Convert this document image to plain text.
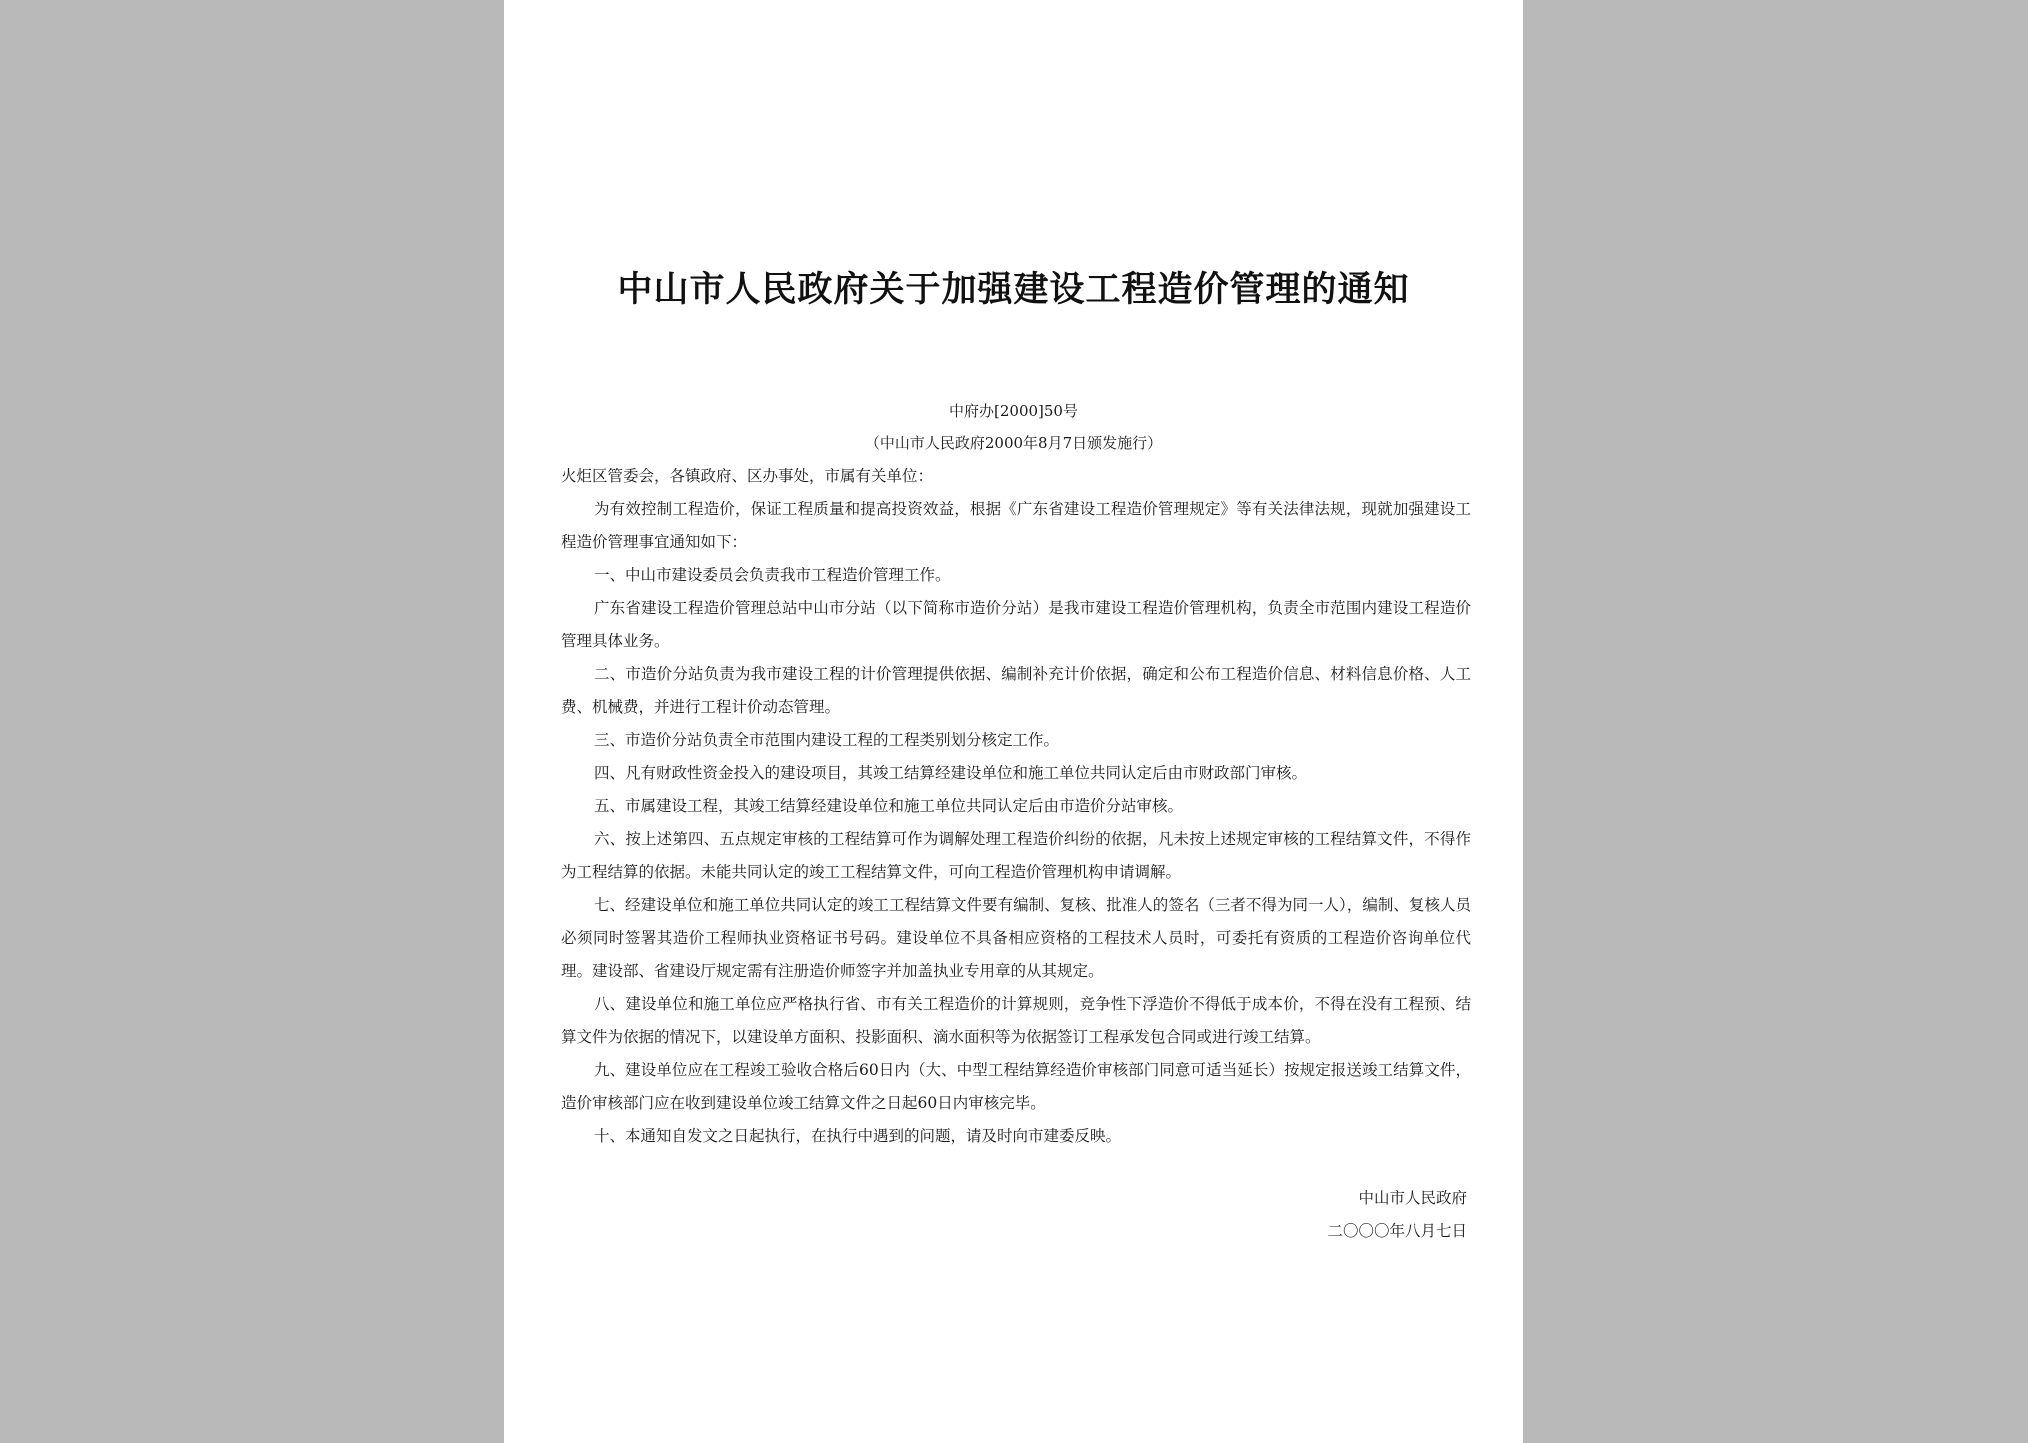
中山市人民政府关于加强建设工程造价管理的通知
中府办[2000]50号
（中山市人民政府2000年8月7日颁发施行）

火炬区管委会，各镇政府、区办事处，市属有关单位：

为有效控制工程造价，保证工程质量和提高投资效益，根据《广东省建设工程造价管理规定》等有关法律法规，现就加强建设工程造价管理事宜通知如下：

一、中山市建设委员会负责我市工程造价管理工作。

广东省建设工程造价管理总站中山市分站（以下简称市造价分站）是我市建设工程造价管理机构，负责全市范围内建设工程造价管理具体业务。

二、市造价分站负责为我市建设工程的计价管理提供依据、编制补充计价依据，确定和公布工程造价信息、材料信息价格、人工费、机械费，并进行工程计价动态管理。

三、市造价分站负责全市范围内建设工程的工程类别划分核定工作。

四、凡有财政性资金投入的建设项目，其竣工结算经建设单位和施工单位共同认定后由市财政部门审核。

五、市属建设工程，其竣工结算经建设单位和施工单位共同认定后由市造价分站审核。

六、按上述第四、五点规定审核的工程结算可作为调解处理工程造价纠纷的依据，凡未按上述规定审核的工程结算文件，不得作为工程结算的依据。未能共同认定的竣工工程结算文件，可向工程造价管理机构申请调解。

七、经建设单位和施工单位共同认定的竣工工程结算文件要有编制、复核、批准人的签名（三者不得为同一人），编制、复核人员必须同时签署其造价工程师执业资格证书号码。建设单位不具备相应资格的工程技术人员时，可委托有资质的工程造价咨询单位代理。建设部、省建设厅规定需有注册造价师签字并加盖执业专用章的从其规定。

八、建设单位和施工单位应严格执行省、市有关工程造价的计算规则，竞争性下浮造价不得低于成本价，不得在没有工程预、结算文件为依据的情况下，以建设单方面积、投影面积、滴水面积等为依据签订工程承发包合同或进行竣工结算。

九、建设单位应在工程竣工验收合格后60日内（大、中型工程结算经造价审核部门同意可适当延长）按规定报送竣工结算文件，造价审核部门应在收到建设单位竣工结算文件之日起60日内审核完毕。

十、本通知自发文之日起执行，在执行中遇到的问题，请及时向市建委反映。

中山市人民政府
二〇〇〇年八月七日
